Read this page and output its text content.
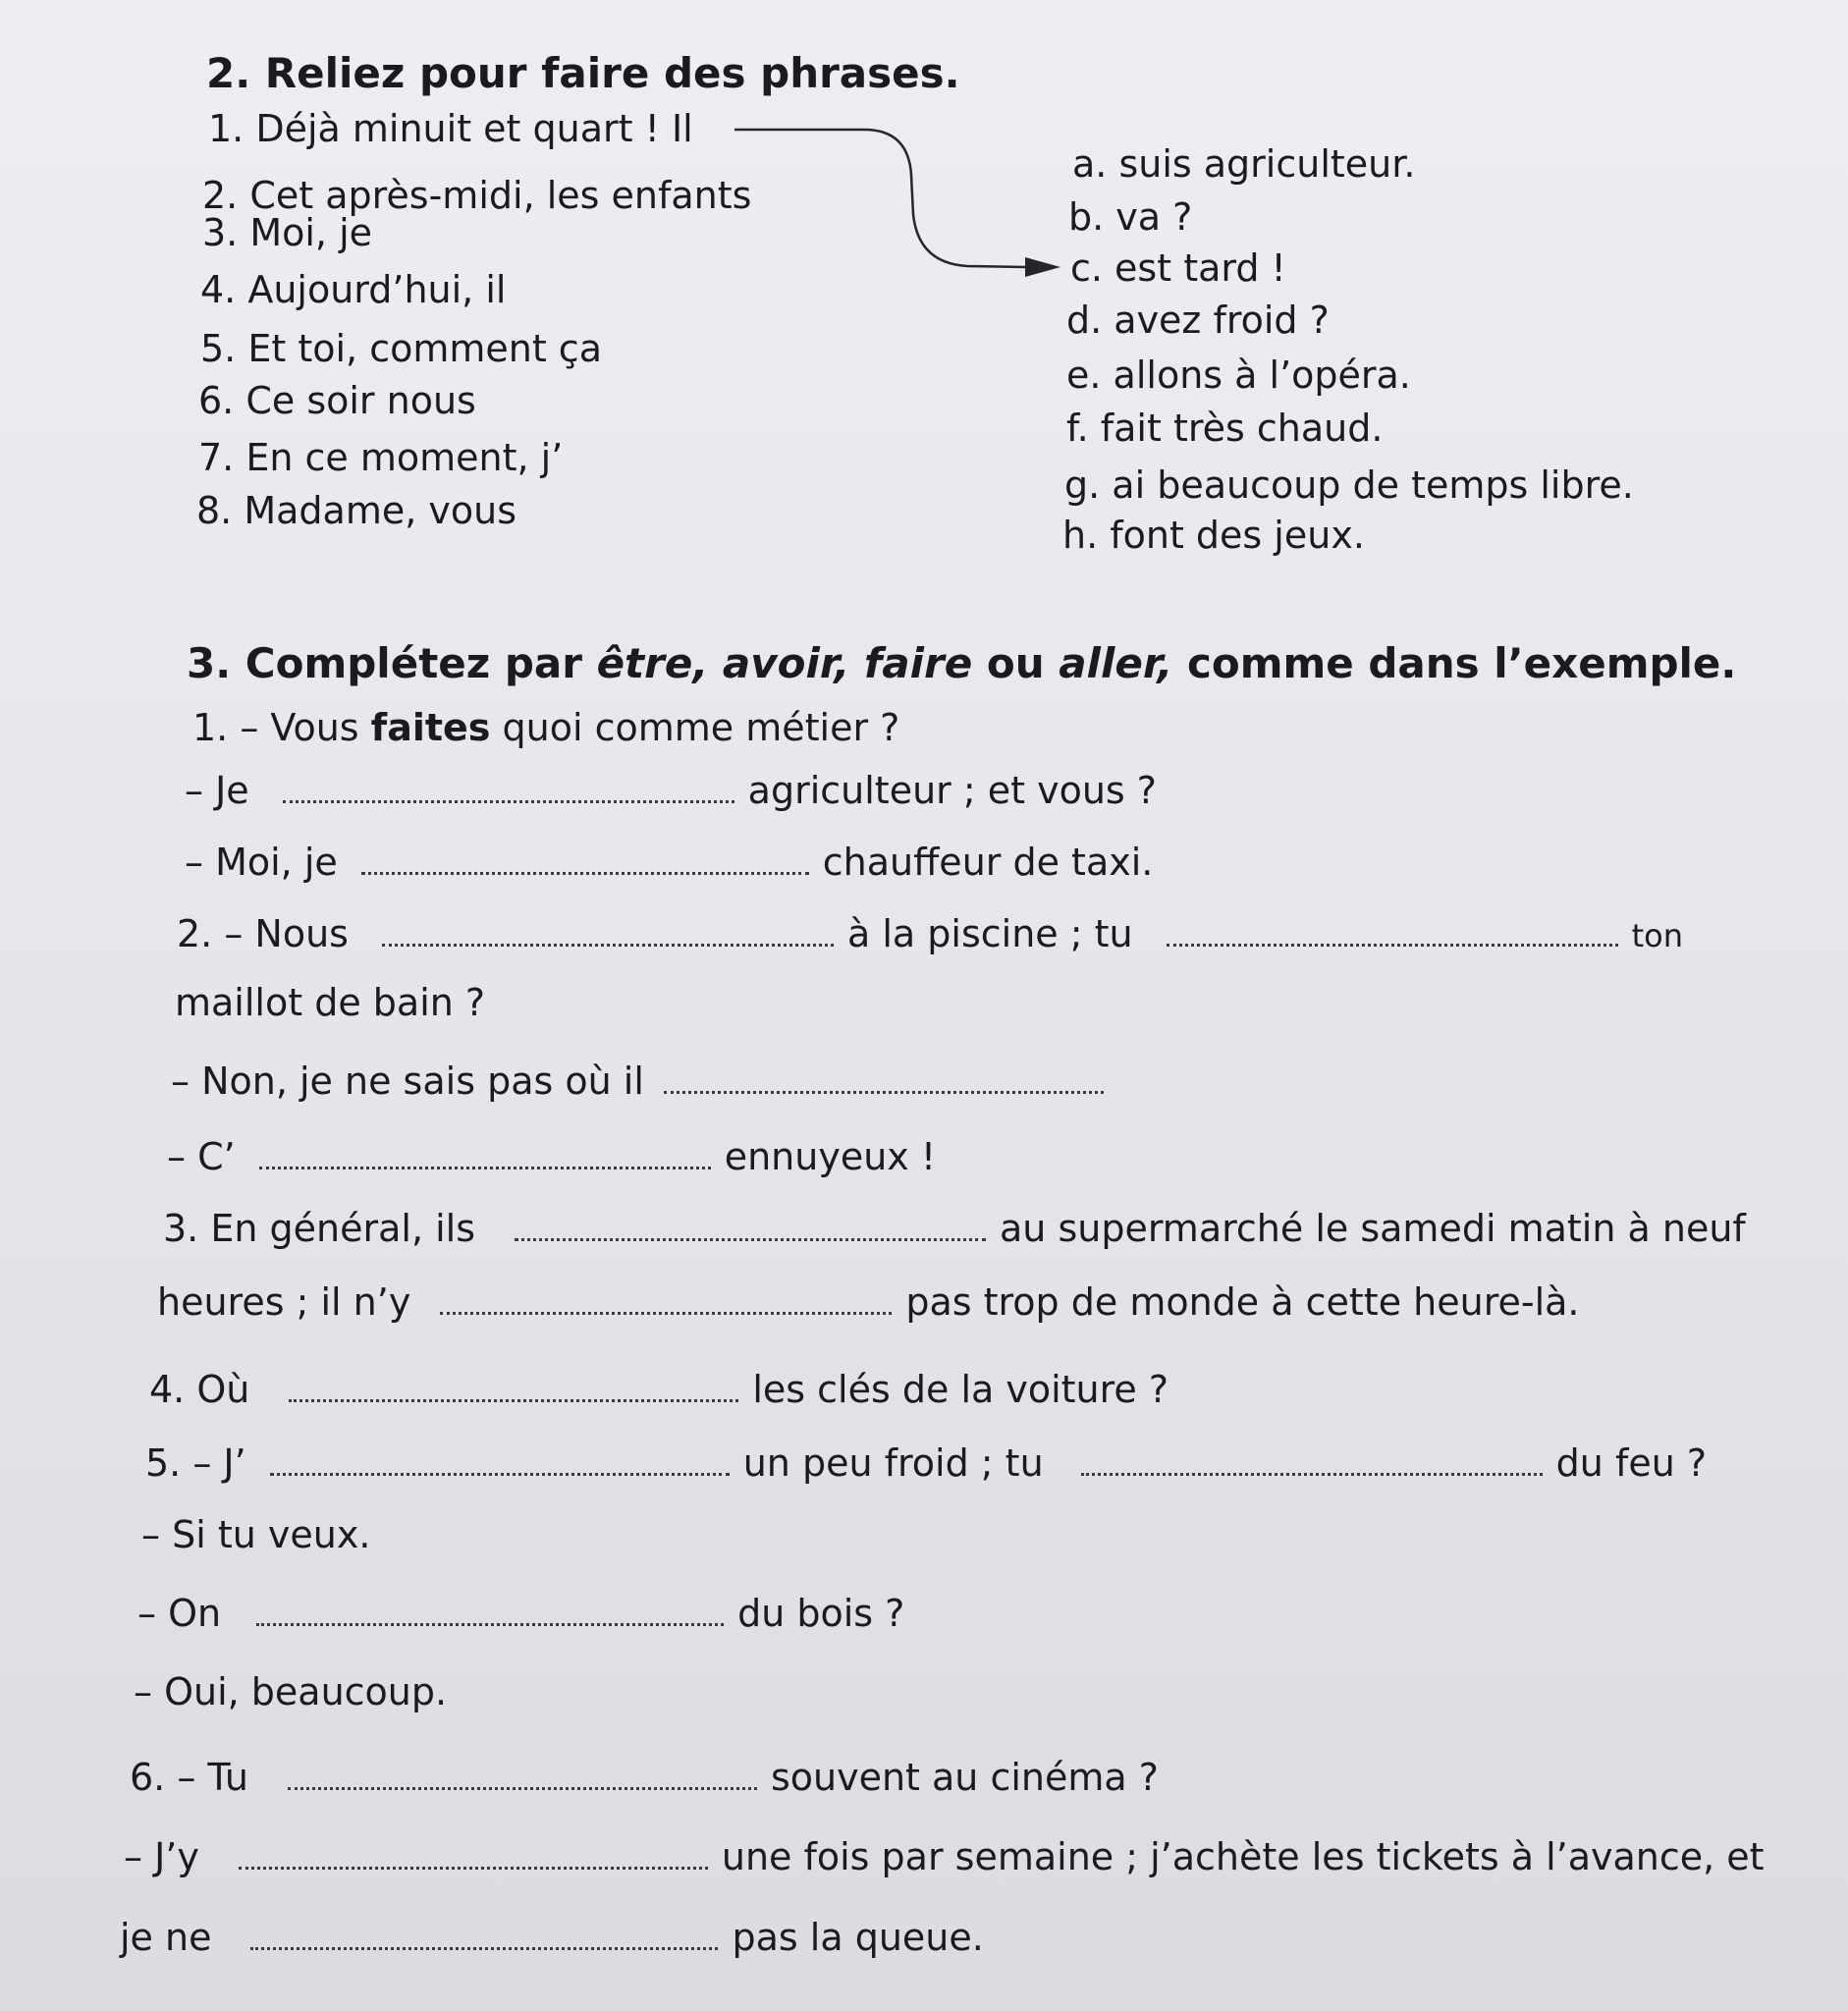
2. Reliez pour faire des phrases.
1. Déjà minuit et quart ! Il
2. Cet après-midi, les enfants
3. Moi, je
4. Aujourd’hui, il
5. Et toi, comment ça
6. Ce soir nous
7. En ce moment, j’
8. Madame, vous
a. suis agriculteur.
b. va ?
c. est tard !
d. avez froid ?
e. allons à l’opéra.
f. fait très chaud.
g. ai beaucoup de temps libre.
h. font des jeux.
3. Complétez par être, avoir, faire ou aller, comme dans l’exemple.
1. – Vous faites quoi comme métier ?
– Je	agriculteur ; et vous ?
– Moi, je	chauffeur de taxi.
2. – Nous	à la piscine ; tu	ton
maillot de bain ?
– Non, je ne sais pas où il
– C’	ennuyeux !
3. En général, ils	au supermarché le samedi matin à neuf
heures ; il n’y	pas trop de monde à cette heure-là.
4. Où	les clés de la voiture ?
5. – J’	un peu froid ; tu	du feu ?
– Si tu veux.
– On	du bois ?
– Oui, beaucoup.
6. – Tu	souvent au cinéma ?
– J’y	une fois par semaine ; j’achète les tickets à l’avance, et
je ne	pas la queue.
